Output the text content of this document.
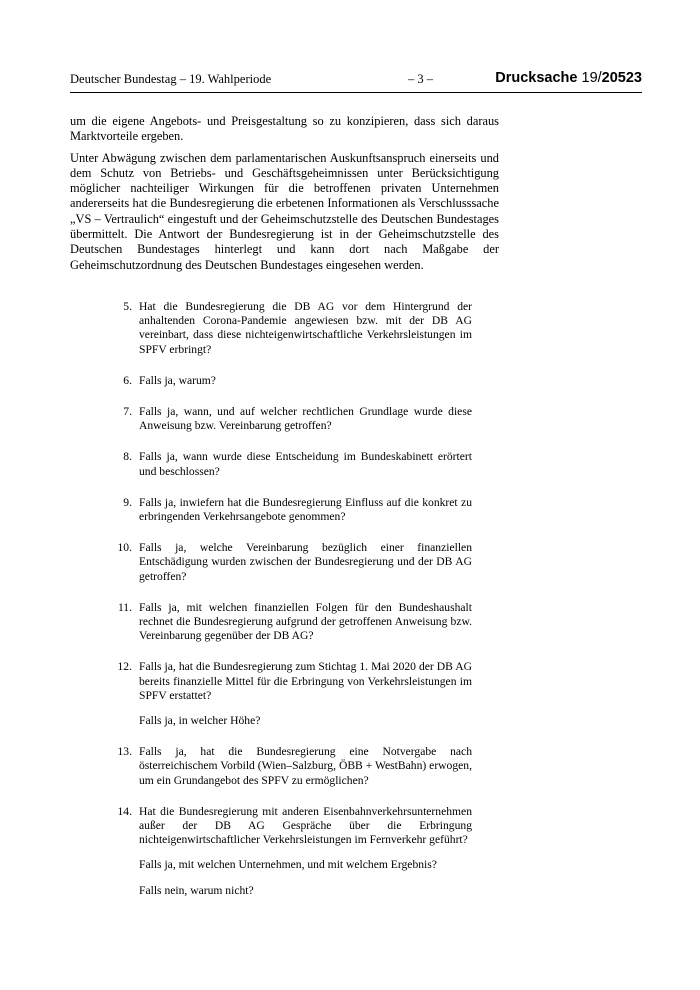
Deutscher Bundestag – 19. Wahlperiode	– 3 –	Drucksache 19/20523

um die eigene Angebots- und Preisgestaltung so zu konzipieren, dass sich daraus Marktvorteile ergeben.

Unter Abwägung zwischen dem parlamentarischen Auskunftsanspruch einerseits und dem Schutz von Betriebs- und Geschäftsgeheimnissen unter Berücksichtigung möglicher nachteiliger Wirkungen für die betroffenen privaten Unternehmen andererseits hat die Bundesregierung die erbetenen Informationen als Verschlusssache „VS – Vertraulich“ eingestuft und der Geheimschutzstelle des Deutschen Bundestages übermittelt. Die Antwort der Bundesregierung ist in der Geheimschutzstelle des Deutschen Bundestages hinterlegt und kann dort nach Maßgabe der Geheimschutzordnung des Deutschen Bundestages eingesehen werden.

5. Hat die Bundesregierung die DB AG vor dem Hintergrund der anhaltenden Corona-Pandemie angewiesen bzw. mit der DB AG vereinbart, dass diese nichteigenwirtschaftliche Verkehrsleistungen im SPFV erbringt?
6. Falls ja, warum?
7. Falls ja, wann, und auf welcher rechtlichen Grundlage wurde diese Anweisung bzw. Vereinbarung getroffen?
8. Falls ja, wann wurde diese Entscheidung im Bundeskabinett erörtert und beschlossen?
9. Falls ja, inwiefern hat die Bundesregierung Einfluss auf die konkret zu erbringenden Verkehrsangebote genommen?
10. Falls ja, welche Vereinbarung bezüglich einer finanziellen Entschädigung wurden zwischen der Bundesregierung und der DB AG getroffen?
11. Falls ja, mit welchen finanziellen Folgen für den Bundeshaushalt rechnet die Bundesregierung aufgrund der getroffenen Anweisung bzw. Vereinbarung gegenüber der DB AG?
12. Falls ja, hat die Bundesregierung zum Stichtag 1. Mai 2020 der DB AG bereits finanzielle Mittel für die Erbringung von Verkehrsleistungen im SPFV erstattet?
Falls ja, in welcher Höhe?
13. Falls ja, hat die Bundesregierung eine Notvergabe nach österreichischem Vorbild (Wien–Salzburg, ÖBB + WestBahn) erwogen, um ein Grundangebot des SPFV zu ermöglichen?
14. Hat die Bundesregierung mit anderen Eisenbahnverkehrsunternehmen außer der DB AG Gespräche über die Erbringung nichteigenwirtschaftlicher Verkehrsleistungen im Fernverkehr geführt?
Falls ja, mit welchen Unternehmen, und mit welchem Ergebnis?
Falls nein, warum nicht?
